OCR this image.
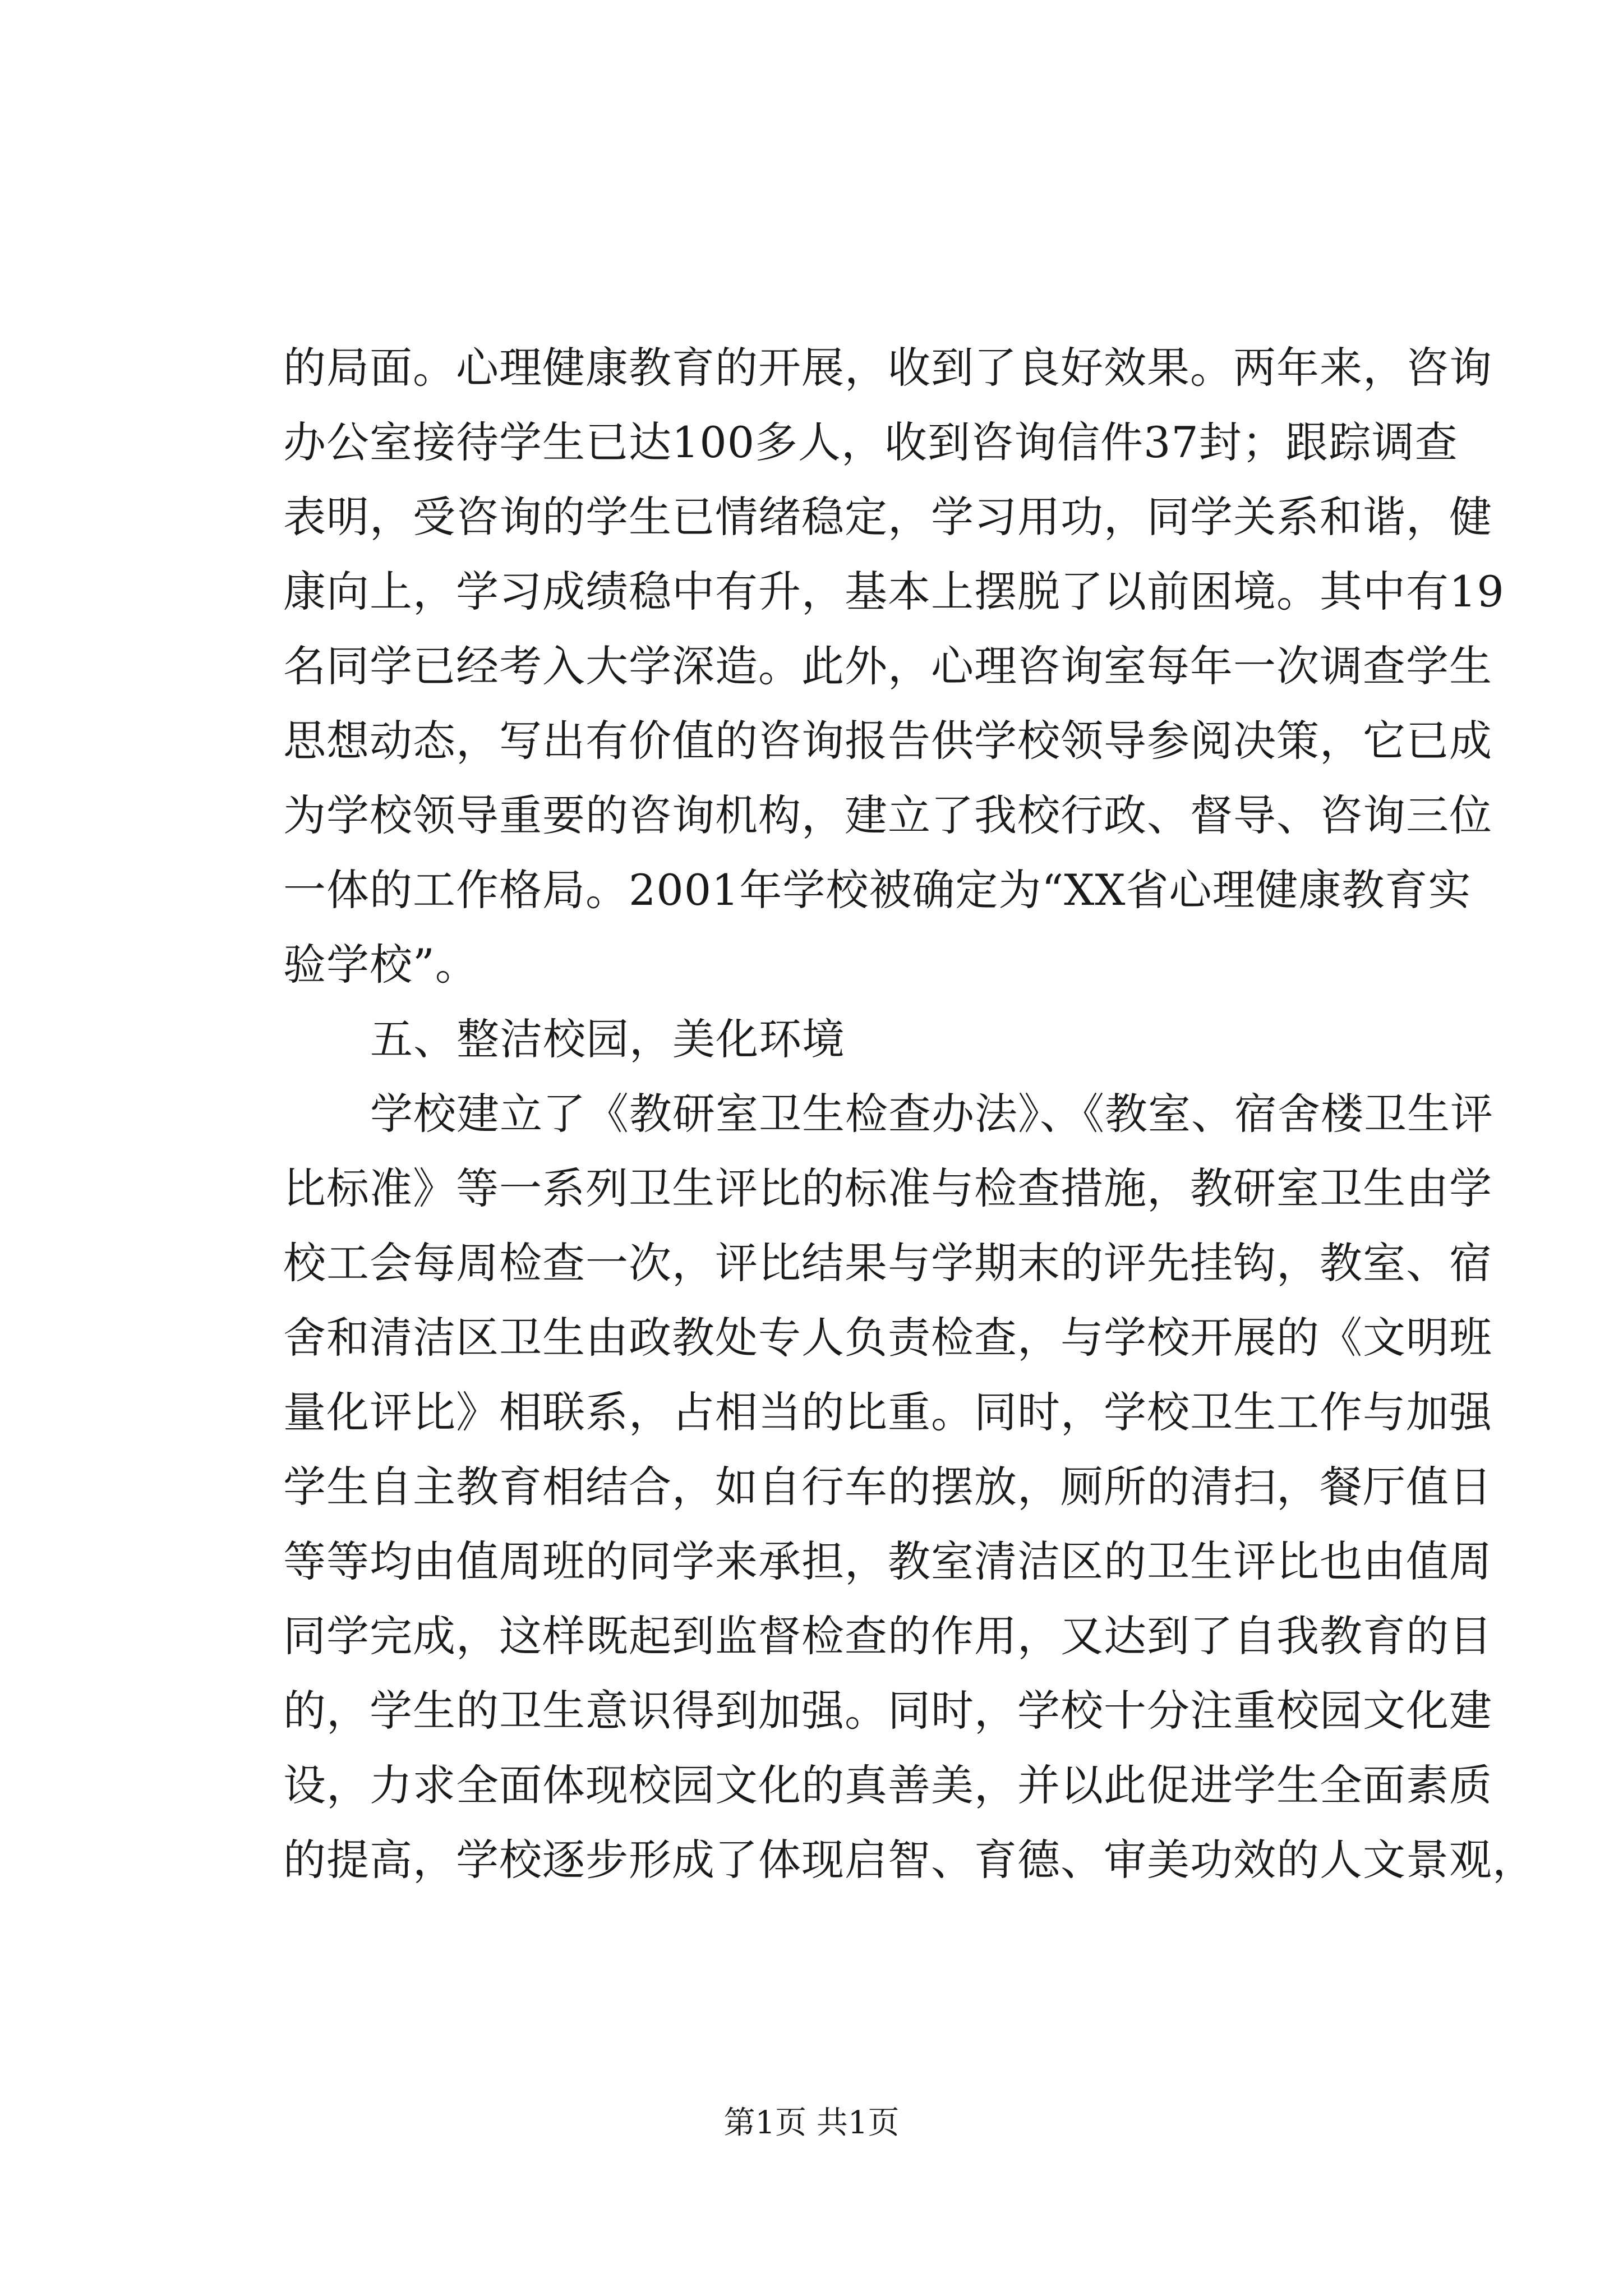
的局面。心理健康教育的开展，收到了良好效果。两年来，咨询
办公室接待学生已达100多人，收到咨询信件37封；跟踪调查
表明，受咨询的学生已情绪稳定，学习用功，同学关系和谐，健
康向上，学习成绩稳中有升，基本上摆脱了以前困境。其中有19
名同学已经考入大学深造。此外，心理咨询室每年一次调查学生
思想动态，写出有价值的咨询报告供学校领导参阅决策，它已成
为学校领导重要的咨询机构，建立了我校行政、督导、咨询三位
一体的工作格局。2001年学校被确定为“XX省心理健康教育实
验学校”。
五、整洁校园，美化环境
学校建立了《教研室卫生检查办法》、《教室、宿舍楼卫生评
比标准》等一系列卫生评比的标准与检查措施，教研室卫生由学
校工会每周检查一次，评比结果与学期末的评先挂钩，教室、宿
舍和清洁区卫生由政教处专人负责检查，与学校开展的《文明班
量化评比》相联系，占相当的比重。同时，学校卫生工作与加强
学生自主教育相结合，如自行车的摆放，厕所的清扫，餐厅值日
等等均由值周班的同学来承担，教室清洁区的卫生评比也由值周
同学完成，这样既起到监督检查的作用，又达到了自我教育的目
的，学生的卫生意识得到加强。同时，学校十分注重校园文化建
设，力求全面体现校园文化的真善美，并以此促进学生全面素质
的提高，学校逐步形成了体现启智、育德、审美功效的人文景观，
第1页 共1页
